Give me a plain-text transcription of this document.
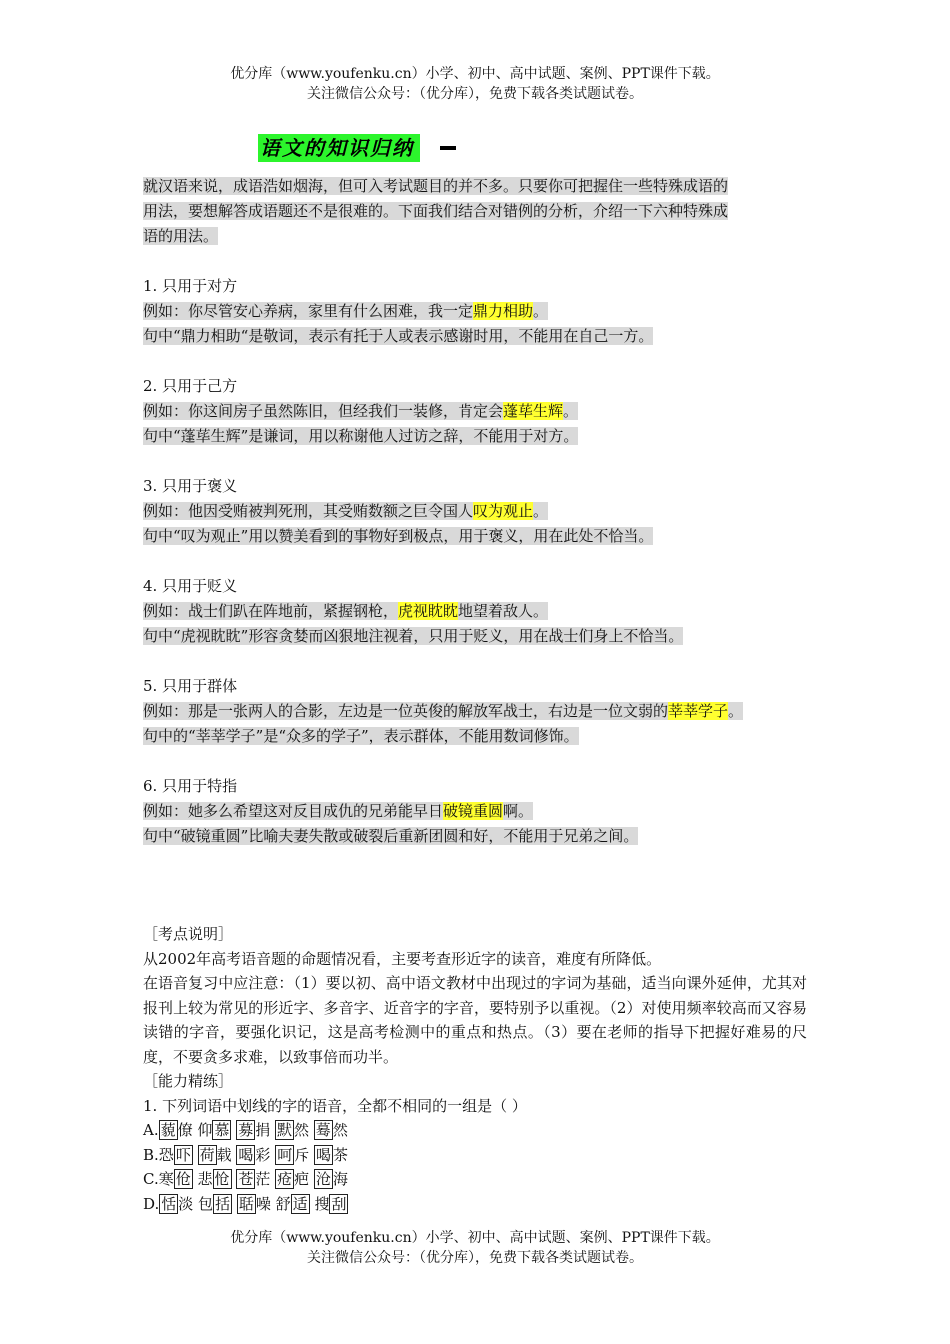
优分库（www.youfenku.cn）小学、初中、高中试题、案例、PPT课件下载。
关注微信公众号：（优分库），免费下载各类试题试卷。
语文的知识归纳
就汉语来说，成语浩如烟海，但可入考试题目的并不多。只要你可把握住一些特殊成语的
用法，要想解答成语题还不是很难的。下面我们结合对错例的分析，介绍一下六种特殊成
语的用法。
1. 只用于对方
例如：你尽管安心养病，家里有什么困难，我一定鼎力相助。
句中“鼎力相助“是敬词，表示有托于人或表示感谢时用，不能用在自己一方。
2. 只用于己方
例如：你这间房子虽然陈旧，但经我们一装修，肯定会蓬荜生辉。
句中“蓬荜生辉”是谦词，用以称谢他人过访之辞，不能用于对方。
3. 只用于褒义
例如：他因受贿被判死刑，其受贿数额之巨令国人叹为观止。
句中“叹为观止”用以赞美看到的事物好到极点，用于褒义，用在此处不恰当。
4. 只用于贬义
例如：战士们趴在阵地前，紧握钢枪，虎视眈眈地望着敌人。
句中“虎视眈眈”形容贪婪而凶狠地注视着，只用于贬义，用在战士们身上不恰当。
5. 只用于群体
例如：那是一张两人的合影，左边是一位英俊的解放军战士，右边是一位文弱的莘莘学子。
句中的“莘莘学子”是“众多的学子”，表示群体，不能用数词修饰。
6. 只用于特指
例如：她多么希望这对反目成仇的兄弟能早日破镜重圆啊。
句中“破镜重圆”比喻夫妻失散或破裂后重新团圆和好，不能用于兄弟之间。

［考点说明］

从2002年高考语音题的命题情况看，主要考查形近字的读音，难度有所降低。

在语音复习中应注意：（1）要以初、高中语文教材中出现过的字词为基础，适当向课外延伸，尤其对报刊上较为常见的形近字、多音字、近音字的字音，要特别予以重视。（2）对使用频率较高而又容易读错的字音，要强化识记，这是高考检测中的重点和热点。（3）要在老师的指导下把握好难易的尺度，不要贪多求难，以致事倍而功半。

［能力精练］

1. 下列词语中划线的字的语音，全都不相同的一组是（ ）

A. 藐 僚 仰 慕 募 捐 默 然 蓦 然
B.恐 吓 荷 载 喝 彩 呵 斥 喝 茶
C.寒 伧 悲 怆 苍 茫 疮 疤 沧 海
D. 恬 淡 包 括 聒 噪 舒 适 搜 刮
优分库（www.youfenku.cn）小学、初中、高中试题、案例、PPT课件下载。
关注微信公众号：（优分库），免费下载各类试题试卷。
